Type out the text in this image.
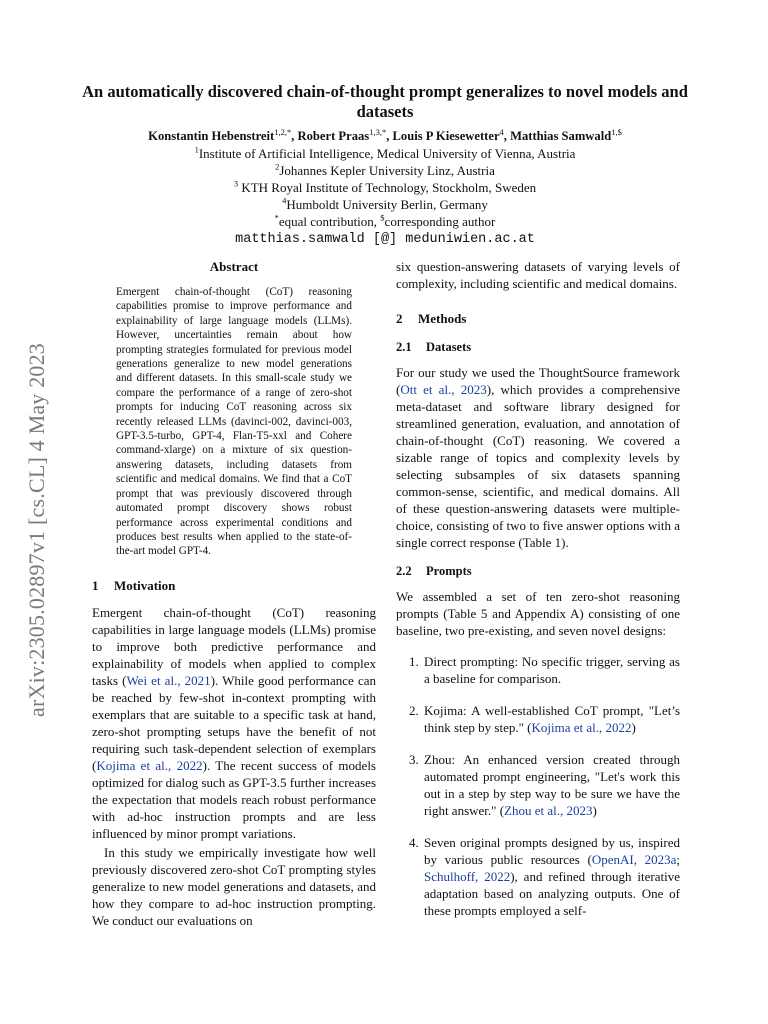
arXiv:2305.02897v1 [cs.CL] 4 May 2023
An automatically discovered chain-of-thought prompt generalizes to novel models and datasets
Konstantin Hebenstreit$^{1,2,*}$, Robert Praas$^{1,3,*}$, Louis P Kiesewetter$^4$, Matthias Samwald$^{1,\$}$
$^1$Institute of Artificial Intelligence, Medical University of Vienna, Austria
$^2$Johannes Kepler University Linz, Austria
$^3$ KTH Royal Institute of Technology, Stockholm, Sweden
$^4$Humboldt University Berlin, Germany
*equal contribution, $corresponding author
matthias.samwald [@] meduniwien.ac.at
Abstract

Emergent chain-of-thought (CoT) reasoning capabilities promise to improve performance and explainability of large language models (LLMs). However, uncertainties remain about how prompting strategies formulated for previous model generations generalize to new model generations and different datasets. In this small-scale study we compare the performance of a range of zero-shot prompts for inducing CoT reasoning across six recently released LLMs (davinci-002, davinci-003, GPT-3.5-turbo, GPT-4, Flan-T5-xxl and Cohere command-xlarge) on a mixture of six question-answering datasets, including datasets from scientific and medical domains. We find that a CoT prompt that was previously discovered through automated prompt discovery shows robust performance across experimental conditions and produces best results when applied to the state-of-the-art model GPT-4.

1 Motivation

Emergent chain-of-thought (CoT) reasoning capabilities in large language models (LLMs) promise to improve both predictive performance and explainability of models when applied to complex tasks (Wei et al., 2021). While good performance can be reached by few-shot in-context prompting with exemplars that are suitable to a specific task at hand, zero-shot prompting setups have the benefit of not requiring such task-dependent selection of exemplars (Kojima et al., 2022). The recent success of models optimized for dialog such as GPT-3.5 further increases the expectation that models reach robust performance with ad-hoc instruction prompts and are less influenced by minor prompt variations.

In this study we empirically investigate how well previously discovered zero-shot CoT prompting styles generalize to new model generations and datasets, and how they compare to ad-hoc instruction prompting. We conduct our evaluations on

six question-answering datasets of varying levels of complexity, including scientific and medical domains.

2 Methods
2.1 Datasets

For our study we used the ThoughtSource framework (Ott et al., 2023), which provides a comprehensive meta-dataset and software library designed for streamlined generation, evaluation, and annotation of chain-of-thought (CoT) reasoning. We covered a sizable range of topics and complexity levels by selecting subsamples of six datasets spanning common-sense, scientific, and medical domains. All of these question-answering datasets were multiple-choice, consisting of two to five answer options with a single correct response (Table 1).

2.2 Prompts

We assembled a set of ten zero-shot reasoning prompts (Table 5 and Appendix A) consisting of one baseline, two pre-existing, and seven novel designs:

1. Direct prompting: No specific trigger, serving as a baseline for comparison.
2. Kojima: A well-established CoT prompt, "Let’s think step by step." (Kojima et al., 2022)
3. Zhou: An enhanced version created through automated prompt engineering, "Let's work this out in a step by step way to be sure we have the right answer." (Zhou et al., 2023)
4. Seven original prompts designed by us, inspired by various public resources (OpenAI, 2023a; Schulhoff, 2022), and refined through iterative adaptation based on analyzing outputs. One of these prompts employed a self-
